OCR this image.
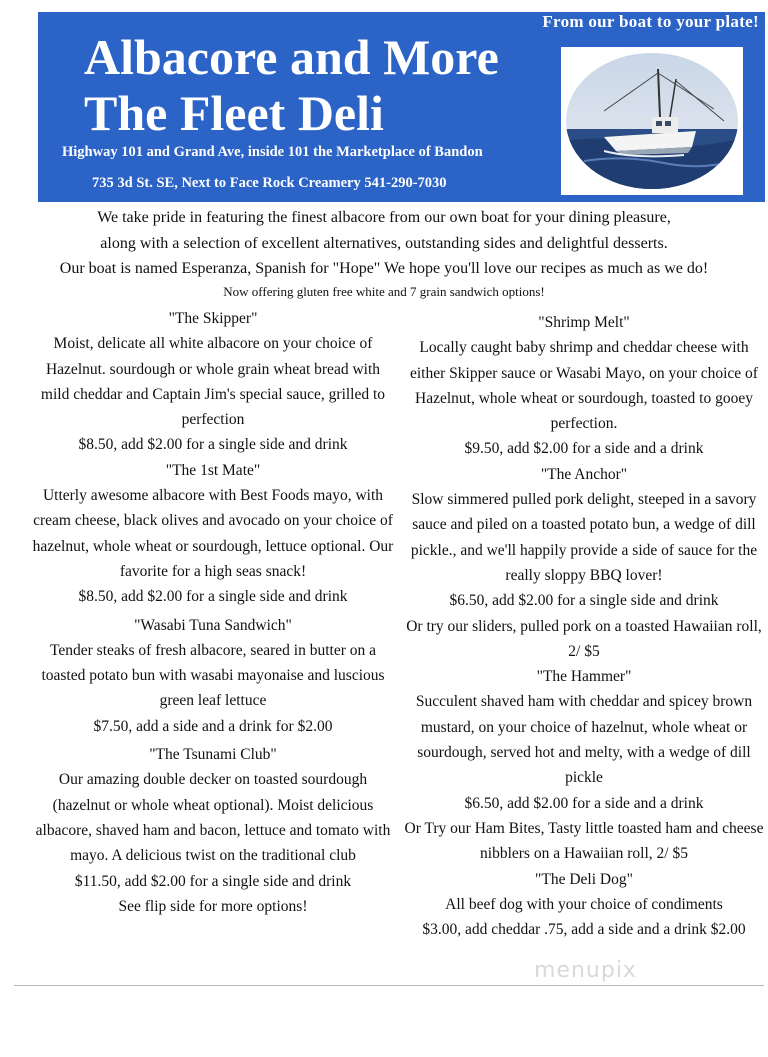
From our boat to your plate!
Albacore and More
The Fleet Deli
Highway 101 and Grand Ave, inside 101 the Marketplace of Bandon
735 3d St. SE, Next to Face Rock Creamery 541-290-7030
We take pride in featuring the finest albacore from our own boat for your dining pleasure,
along with a selection of excellent alternatives, outstanding sides and delightful desserts.
Our boat is named Esperanza, Spanish for "Hope" We hope you'll love our recipes as much as we do!
Now offering gluten free white and 7 grain sandwich options!

"The Skipper"

Moist, delicate all white albacore on your choice of Hazelnut. sourdough or whole grain wheat bread with mild cheddar and Captain Jim's special sauce, grilled to perfection

$8.50, add $2.00 for a single side and drink

"The 1st Mate"

Utterly awesome albacore with Best Foods mayo, with cream cheese, black olives and avocado on your choice of hazelnut, whole wheat or sourdough, lettuce optional. Our favorite for a high seas snack!

$8.50, add $2.00 for a single side and drink

"Wasabi Tuna Sandwich"

Tender steaks of fresh albacore, seared in butter on a toasted potato bun with wasabi mayonaise and luscious green leaf lettuce

$7.50, add a side and a drink for $2.00

"The Tsunami Club"

Our amazing double decker on toasted sourdough (hazelnut or whole wheat optional). Moist delicious albacore, shaved ham and bacon, lettuce and tomato with mayo. A delicious twist on the traditional club

$11.50, add $2.00 for a single side and drink

See flip side for more options!

"Shrimp Melt"

Locally caught baby shrimp and cheddar cheese with either Skipper sauce or Wasabi Mayo, on your choice of Hazelnut, whole wheat or sourdough, toasted to gooey perfection.

$9.50, add $2.00 for a side and a drink

"The Anchor"

Slow simmered pulled pork delight, steeped in a savory sauce and piled on a toasted potato bun, a wedge of dill pickle., and we'll happily provide a side of sauce for the really sloppy BBQ lover!

$6.50, add $2.00 for a single side and drink

Or try our sliders, pulled pork on a toasted Hawaiian roll, 2/ $5

"The Hammer"

Succulent shaved ham with cheddar and spicey brown mustard, on your choice of hazelnut, whole wheat or sourdough, served hot and melty, with a wedge of dill pickle

$6.50, add $2.00 for a side and a drink

Or Try our Ham Bites, Tasty little toasted ham and cheese nibblers on a Hawaiian roll, 2/ $5

"The Deli Dog"

All beef dog with your choice of condiments

$3.00, add cheddar .75, add a side and a drink $2.00

menupix
